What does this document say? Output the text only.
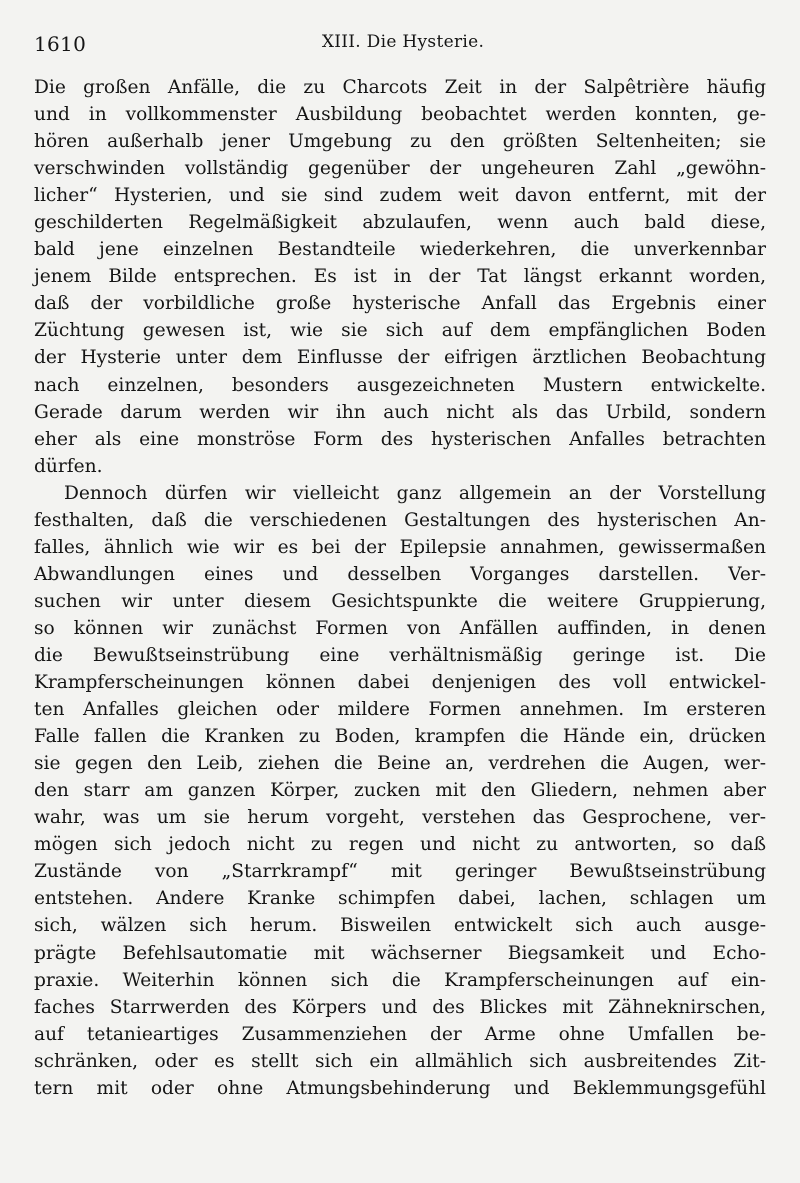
1610	XIII. Die Hysterie.
Die großen Anfälle, die zu Charcots Zeit in der Salpêtrière häufig
und in vollkommenster Ausbildung beobachtet werden konnten, ge-
hören außerhalb jener Umgebung zu den größten Seltenheiten; sie
verschwinden vollständig gegenüber der ungeheuren Zahl „gewöhn-
licher“ Hysterien, und sie sind zudem weit davon entfernt, mit der
geschilderten Regelmäßigkeit abzulaufen, wenn auch bald diese,
bald jene einzelnen Bestandteile wiederkehren, die unverkennbar
jenem Bilde entsprechen. Es ist in der Tat längst erkannt worden,
daß der vorbildliche große hysterische Anfall das Ergebnis einer
Züchtung gewesen ist, wie sie sich auf dem empfänglichen Boden
der Hysterie unter dem Einflusse der eifrigen ärztlichen Beobachtung
nach einzelnen, besonders ausgezeichneten Mustern entwickelte.
Gerade darum werden wir ihn auch nicht als das Urbild, sondern
eher als eine monströse Form des hysterischen Anfalles betrachten
dürfen.
Dennoch dürfen wir vielleicht ganz allgemein an der Vorstellung
festhalten, daß die verschiedenen Gestaltungen des hysterischen An-
falles, ähnlich wie wir es bei der Epilepsie annahmen, gewissermaßen
Abwandlungen eines und desselben Vorganges darstellen. Ver-
suchen wir unter diesem Gesichtspunkte die weitere Gruppierung,
so können wir zunächst Formen von Anfällen auffinden, in denen
die Bewußtseinstrübung eine verhältnismäßig geringe ist. Die
Krampferscheinungen können dabei denjenigen des voll entwickel-
ten Anfalles gleichen oder mildere Formen annehmen. Im ersteren
Falle fallen die Kranken zu Boden, krampfen die Hände ein, drücken
sie gegen den Leib, ziehen die Beine an, verdrehen die Augen, wer-
den starr am ganzen Körper, zucken mit den Gliedern, nehmen aber
wahr, was um sie herum vorgeht, verstehen das Gesprochene, ver-
mögen sich jedoch nicht zu regen und nicht zu antworten, so daß
Zustände von „Starrkrampf“ mit geringer Bewußtseinstrübung
entstehen. Andere Kranke schimpfen dabei, lachen, schlagen um
sich, wälzen sich herum. Bisweilen entwickelt sich auch ausge-
prägte Befehlsautomatie mit wächserner Biegsamkeit und Echo-
praxie. Weiterhin können sich die Krampferscheinungen auf ein-
faches Starrwerden des Körpers und des Blickes mit Zähneknirschen,
auf tetanieartiges Zusammenziehen der Arme ohne Umfallen be-
schränken, oder es stellt sich ein allmählich sich ausbreitendes Zit-
tern mit oder ohne Atmungsbehinderung und Beklemmungsgefühl
